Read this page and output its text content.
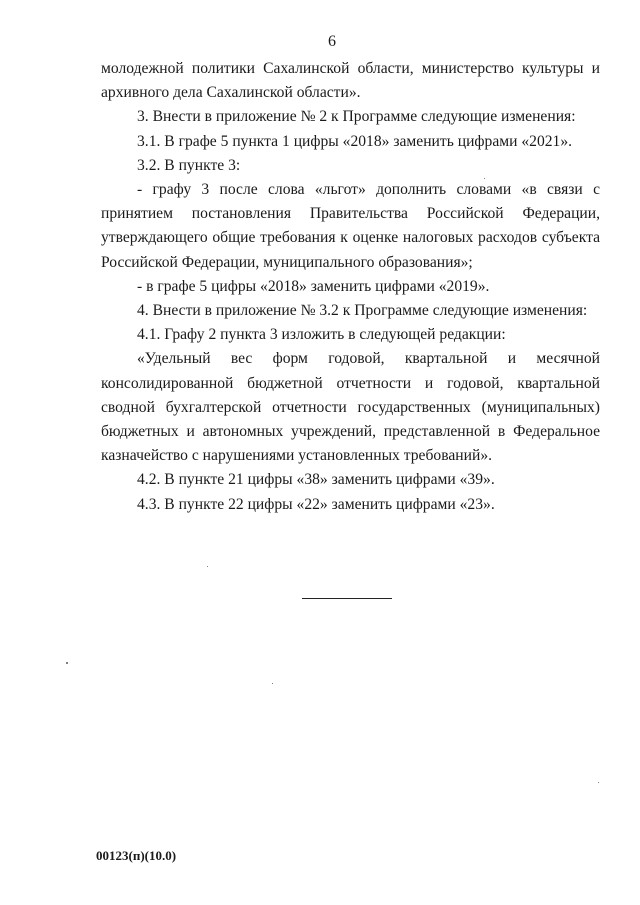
6

молодежной политики Сахалинской области, министерство культуры и архивного дела Сахалинской области».

3. Внести в приложение № 2 к Программе следующие изменения:

3.1. В графе 5 пункта 1 цифры «2018» заменить цифрами «2021».

3.2. В пункте 3:

- графу 3 после слова «льгот» дополнить словами «в связи с принятием постановления Правительства Российской Федерации, утверждающего общие требования к оценке налоговых расходов субъекта Российской Федерации, муниципального образования»;

- в графе 5 цифры «2018» заменить цифрами «2019».

4. Внести в приложение № 3.2 к Программе следующие изменения:

4.1. Графу 2 пункта 3 изложить в следующей редакции:

«Удельный вес форм годовой, квартальной и месячной консолидированной бюджетной отчетности и годовой, квартальной сводной бухгалтерской отчетности государственных (муниципальных) бюджетных и автономных учреждений, представленной в Федеральное казначейство с нарушениями установленных требований».

4.2. В пункте 21 цифры «38» заменить цифрами «39».

4.3. В пункте 22 цифры «22» заменить цифрами «23».

00123(п)(10.0)
